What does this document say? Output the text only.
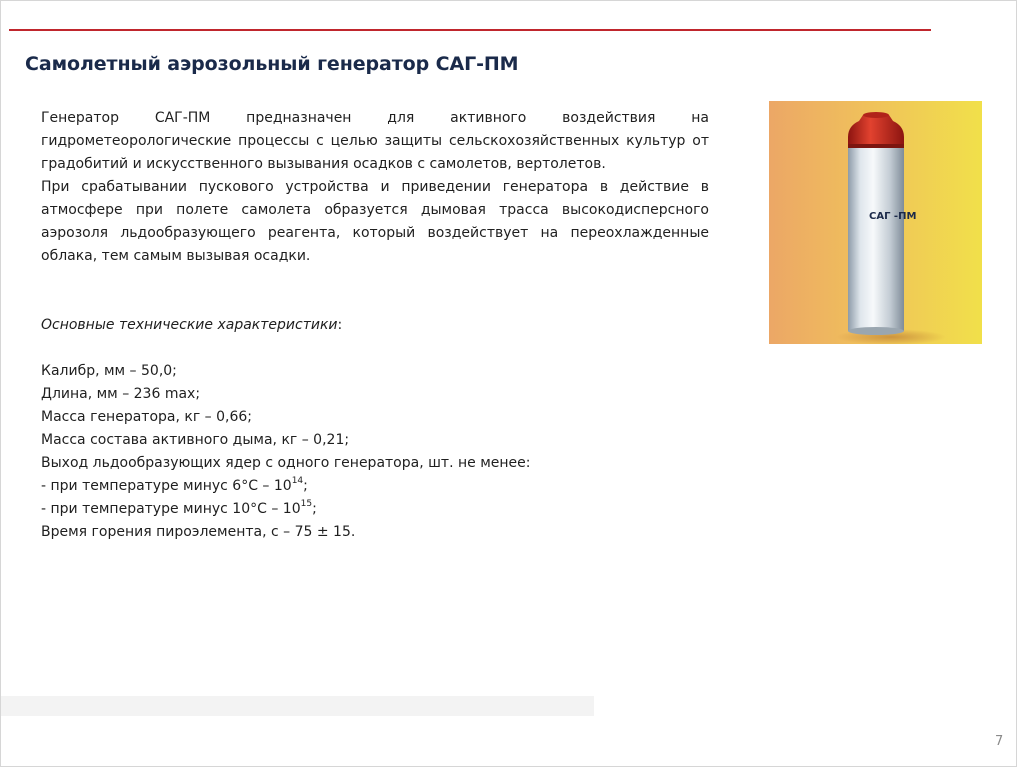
Самолетный аэрозольный генератор САГ-ПМ

Генератор САГ-ПМ предназначен для активного воздействия на гидрометеорологические процессы с целью защиты сельскохозяйственных культур от градобитий и искусственного вызывания осадков с самолетов, вертолетов.

При срабатывании пускового устройства и приведении генератора в действие в атмосфере при полете самолета образуется дымовая трасса высокодисперсного аэрозоля льдообразующего реагента, который воздействует на переохлажденные облака, тем самым вызывая осадки.

Основные технические характеристики:

Калибр, мм – 50,0;

Длина, мм – 236 max;

Масса генератора, кг – 0,66;

Масса состава активного дыма, кг – 0,21;

Выход льдообразующих ядер с одного генератора, шт. не менее:

- при температуре минус $6^\circ С - 10^{14}$;

- при температуре минус $10^\circ С - 10^{15}$;

Время горения пироэлемента, с – 75 ± 15.

САГ -ПМ
7
